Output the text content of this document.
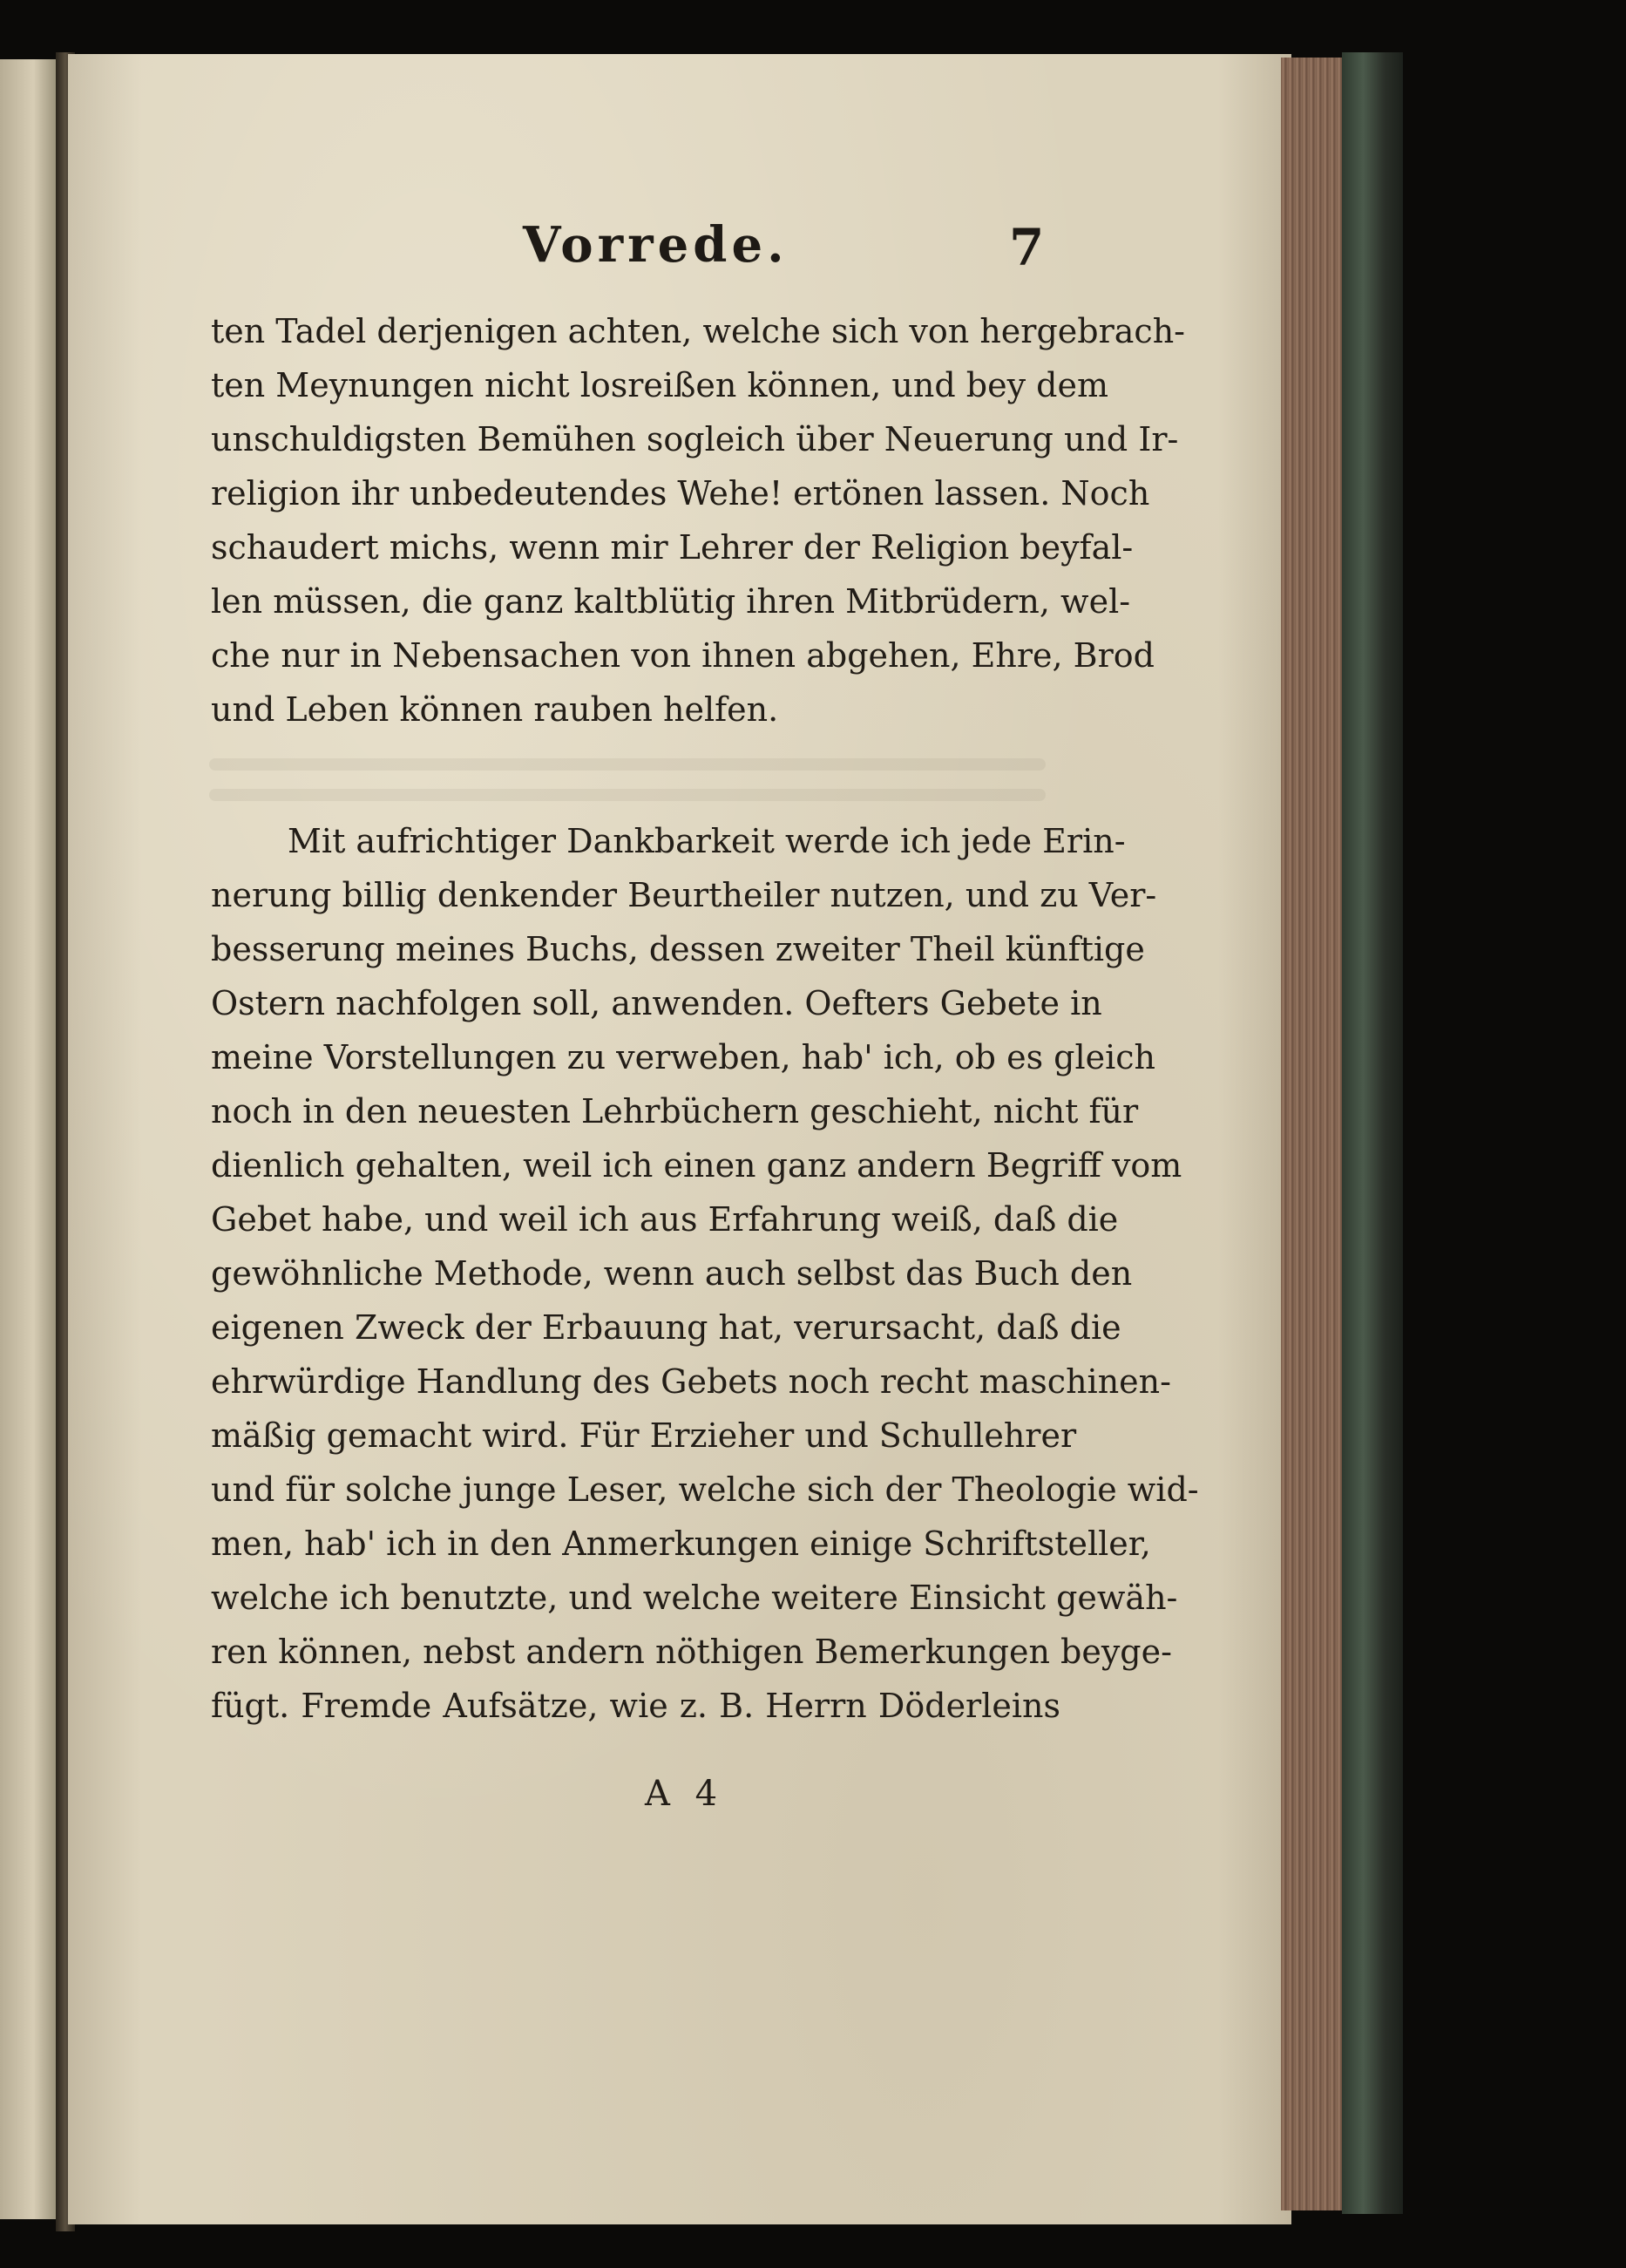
Vorrede.	7
ten Tadel derjenigen achten, welche sich von hergebrach-
ten Meynungen nicht losreißen können, und bey dem
unschuldigsten Bemühen sogleich über Neuerung und Ir-
religion ihr unbedeutendes Wehe! ertönen lassen. Noch
schaudert michs, wenn mir Lehrer der Religion beyfal-
len müssen, die ganz kaltblütig ihren Mitbrüdern, wel-
che nur in Nebensachen von ihnen abgehen, Ehre, Brod
und Leben können rauben helfen.
Mit aufrichtiger Dankbarkeit werde ich jede Erin-
nerung billig denkender Beurtheiler nutzen, und zu Ver-
besserung meines Buchs, dessen zweiter Theil künftige
Ostern nachfolgen soll, anwenden. Oefters Gebete in
meine Vorstellungen zu verweben, hab' ich, ob es gleich
noch in den neuesten Lehrbüchern geschieht, nicht für
dienlich gehalten, weil ich einen ganz andern Begriff vom
Gebet habe, und weil ich aus Erfahrung weiß, daß die
gewöhnliche Methode, wenn auch selbst das Buch den
eigenen Zweck der Erbauung hat, verursacht, daß die
ehrwürdige Handlung des Gebets noch recht maschinen-
mäßig gemacht wird. Für Erzieher und Schullehrer
und für solche junge Leser, welche sich der Theologie wid-
men, hab' ich in den Anmerkungen einige Schriftsteller,
welche ich benutzte, und welche weitere Einsicht gewäh-
ren können, nebst andern nöthigen Bemerkungen beyge-
fügt. Fremde Aufsätze, wie z. B. Herrn Döderleins
A 4
